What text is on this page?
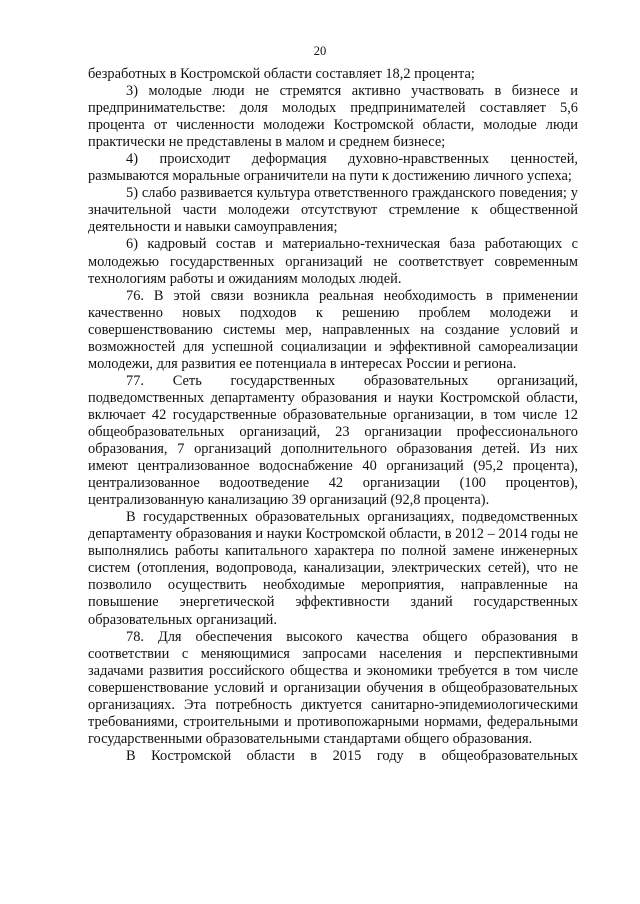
20

безработных в Костромской области составляет 18,2 процента;

3) молодые люди не стремятся активно участвовать в бизнесе и предпринимательстве: доля молодых предпринимателей составляет 5,6 процента от численности молодежи Костромской области, молодые люди практически не представлены в малом и среднем бизнесе;

4) происходит деформация духовно-нравственных ценностей, размываются моральные ограничители на пути к достижению личного успеха;

5) слабо развивается культура ответственного гражданского поведения; у значительной части молодежи отсутствуют стремление к общественной деятельности и навыки самоуправления;

6) кадровый состав и материально-техническая база работающих с молодежью государственных организаций не соответствует современным технологиям работы и ожиданиям молодых людей.

76. В этой связи возникла реальная необходимость в применении качественно новых подходов к решению проблем молодежи и совершенствованию системы мер, направленных на создание условий и возможностей для успешной социализации и эффективной самореализации молодежи, для развития ее потенциала в интересах России и региона.

77. Сеть государственных образовательных организаций, подведомственных департаменту образования и науки Костромской области, включает 42 государственные образовательные организации, в том числе 12 общеобразовательных организаций, 23 организации профессионального образования, 7 организаций дополнительного образования детей. Из них имеют централизованное водоснабжение 40 организаций (95,2 процента), централизованное водоотведение 42 организации (100 процентов), централизованную канализацию 39 организаций (92,8 процента).

В государственных образовательных организациях, подведомственных департаменту образования и науки Костромской области, в 2012 – 2014 годы не выполнялись работы капитального характера по полной замене инженерных систем (отопления, водопровода, канализации, электрических сетей), что не позволило осуществить необходимые мероприятия, направленные на повышение энергетической эффективности зданий государственных образовательных организаций.

78. Для обеспечения высокого качества общего образования в соответствии с меняющимися запросами населения и перспективными задачами развития российского общества и экономики требуется в том числе совершенствование условий и организации обучения в общеобразовательных организациях. Эта потребность диктуется санитарно-эпидемиологическими требованиями, строительными и противопожарными нормами, федеральными государственными образовательными стандартами общего образования.

В Костромской области в 2015 году в общеобразовательных
